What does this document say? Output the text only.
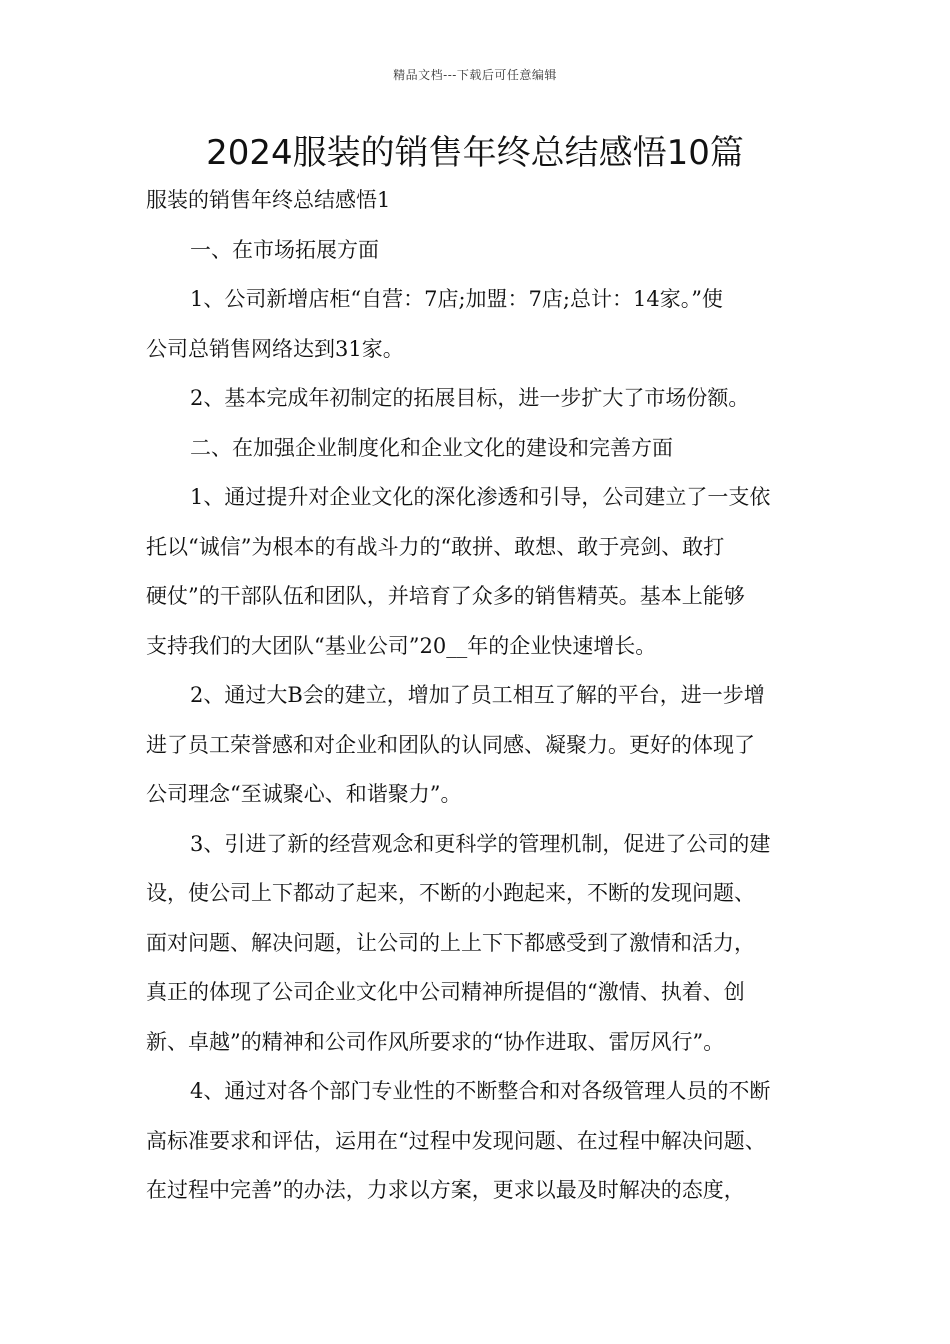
精品文档---下载后可任意编辑
2024服装的销售年终总结感悟10篇

服装的销售年终总结感悟1

一、在市场拓展方面

1、公司新增店柜“自营：7店;加盟：7店;总计：14家。”使

公司总销售网络达到31家。

2、基本完成年初制定的拓展目标，进一步扩大了市场份额。

二、在加强企业制度化和企业文化的建设和完善方面

1、通过提升对企业文化的深化渗透和引导，公司建立了一支依

托以“诚信”为根本的有战斗力的“敢拼、敢想、敢于亮剑、敢打

硬仗”的干部队伍和团队，并培育了众多的销售精英。基本上能够

支持我们的大团队“基业公司”20__年的企业快速增长。

2、通过大B会的建立，增加了员工相互了解的平台，进一步增

进了员工荣誉感和对企业和团队的认同感、凝聚力。更好的体现了

公司理念“至诚聚心、和谐聚力”。

3、引进了新的经营观念和更科学的管理机制，促进了公司的建

设，使公司上下都动了起来，不断的小跑起来，不断的发现问题、

面对问题、解决问题，让公司的上上下下都感受到了激情和活力，

真正的体现了公司企业文化中公司精神所提倡的“激情、执着、创

新、卓越”的精神和公司作风所要求的“协作进取、雷厉风行”。

4、通过对各个部门专业性的不断整合和对各级管理人员的不断

高标准要求和评估，运用在“过程中发现问题、在过程中解决问题、

在过程中完善”的办法，力求以方案，更求以最及时解决的态度，
